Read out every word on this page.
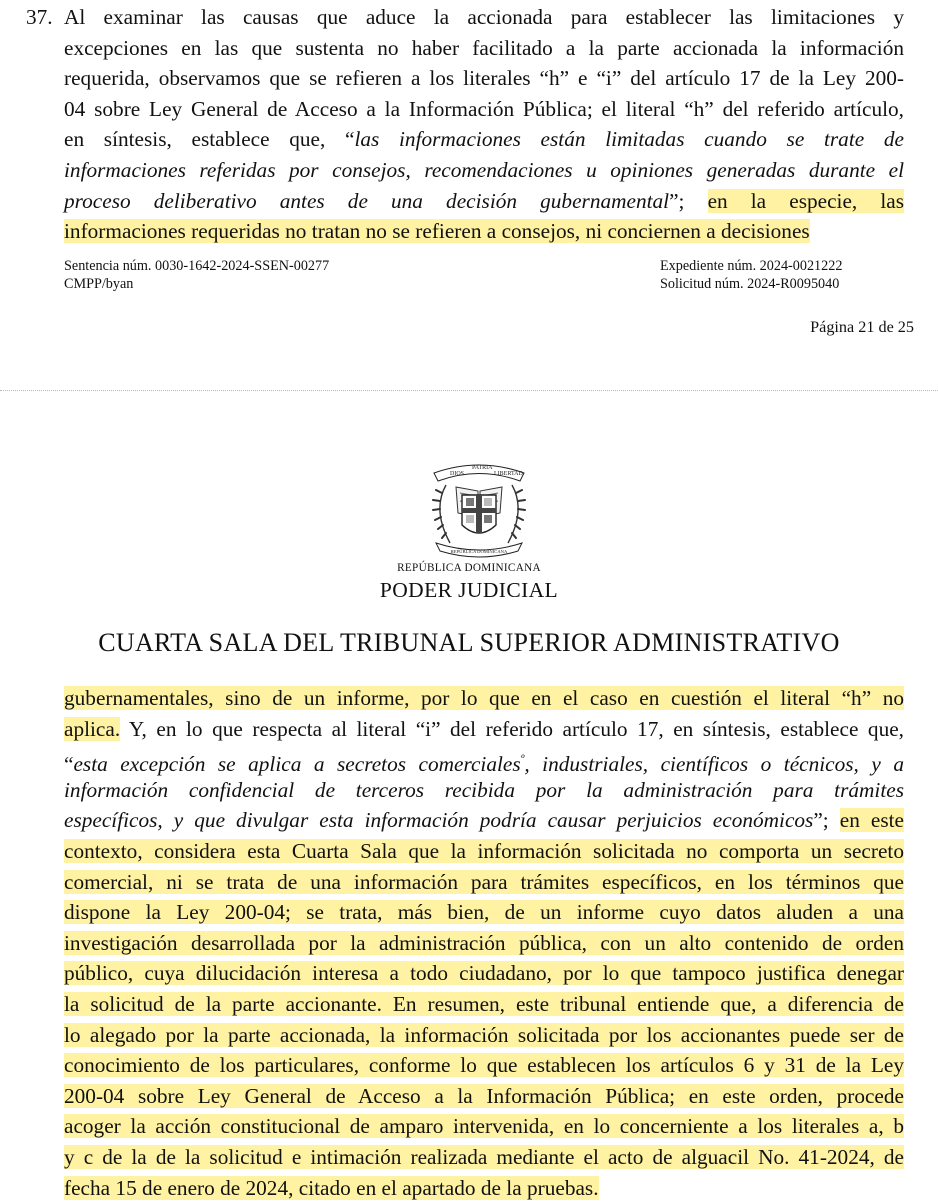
37. Al examinar las causas que aduce la accionada para establecer las limitaciones y
excepciones en las que sustenta no haber facilitado a la parte accionada la información
requerida, observamos que se refieren a los literales “h” e “i” del artículo 17 de la Ley 200-
04 sobre Ley General de Acceso a la Información Pública; el literal “h” del referido artículo,
en síntesis, establece que, “las informaciones están limitadas cuando se trate de
informaciones referidas por consejos, recomendaciones u opiniones generadas durante el
proceso deliberativo antes de una decisión gubernamental”; en la especie, las
informaciones requeridas no tratan no se refieren a consejos, ni conciernen a decisiones
Sentencia núm. 0030-1642-2024-SSEN-00277
CMPP/byan
Expediente núm. 2024-0021222
Solicitud núm. 2024-R0095040
Página 21 de 25
DIOS
PATRIA
LIBERTAD
REPÚBLICA DOMINICANA
REPÚBLICA DOMINICANA
PODER JUDICIAL
CUARTA SALA DEL TRIBUNAL SUPERIOR ADMINISTRATIVO
gubernamentales, sino de un informe, por lo que en el caso en cuestión el literal “h” no
aplica. Y, en lo que respecta al literal “i” del referido artículo 17, en síntesis, establece que,
“esta excepción se aplica a secretos comerciales$^º$, industriales, científicos o técnicos, y a
información confidencial de terceros recibida por la administración para trámites
específicos, y que divulgar esta información podría causar perjuicios económicos”; en este
contexto, considera esta Cuarta Sala que la información solicitada no comporta un secreto
comercial, ni se trata de una información para trámites específicos, en los términos que
dispone la Ley 200-04; se trata, más bien, de un informe cuyo datos aluden a una
investigación desarrollada por la administración pública, con un alto contenido de orden
público, cuya dilucidación interesa a todo ciudadano, por lo que tampoco justifica denegar
la solicitud de la parte accionante. En resumen, este tribunal entiende que, a diferencia de
lo alegado por la parte accionada, la información solicitada por los accionantes puede ser de
conocimiento de los particulares, conforme lo que establecen los artículos 6 y 31 de la Ley
200-04 sobre Ley General de Acceso a la Información Pública; en este orden, procede
acoger la acción constitucional de amparo intervenida, en lo concerniente a los literales a, b
y c de la de la solicitud e intimación realizada mediante el acto de alguacil No. 41-2024, de
fecha 15 de enero de 2024, citado en el apartado de la pruebas.
